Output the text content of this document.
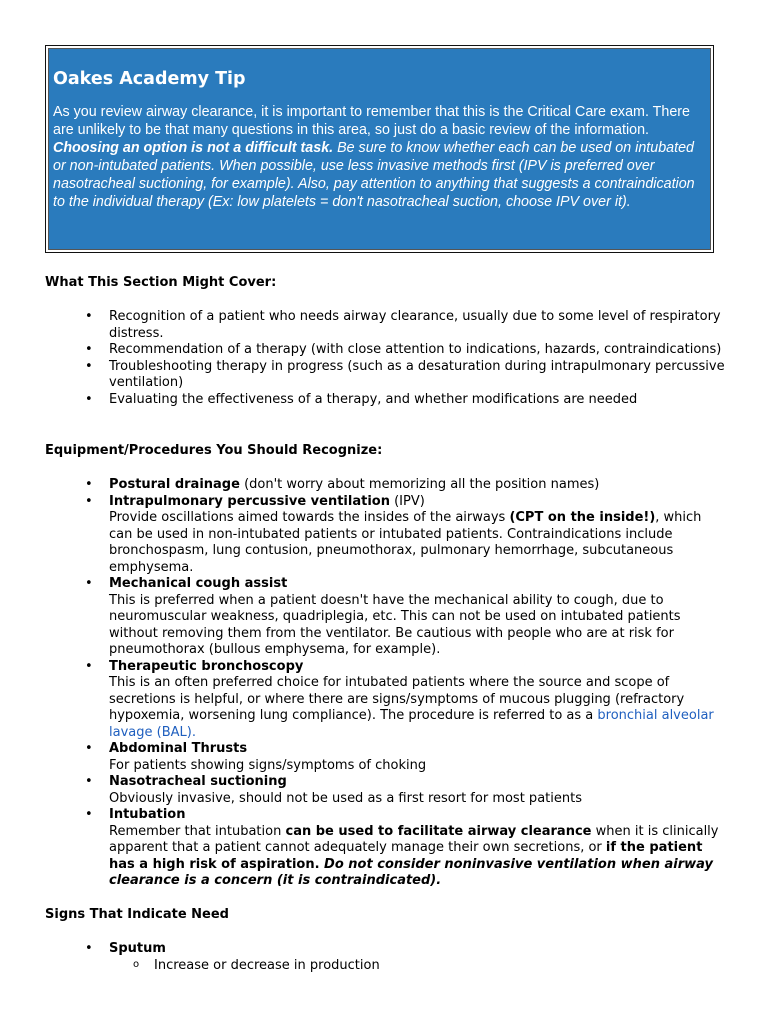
Oakes Academy Tip

As you review airway clearance, it is important to remember that this is the Critical Care exam. There are unlikely to be that many questions in this area, so just do a basic review of the information.

Choosing an option is not a difficult task. Be sure to know whether each can be used on intubated or non-intubated patients. When possible, use less invasive methods first (IPV is preferred over nasotracheal suctioning, for example). Also, pay attention to anything that suggests a contraindication to the individual therapy (Ex: low platelets = don't nasotracheal suction, choose IPV over it).

What This Section Might Cover:
• Recognition of a patient who needs airway clearance, usually due to some level of respiratory distress.
• Recommendation of a therapy (with close attention to indications, hazards, contraindications)
• Troubleshooting therapy in progress (such as a desaturation during intrapulmonary percussive ventilation)
• Evaluating the effectiveness of a therapy, and whether modifications are needed
Equipment/Procedures You Should Recognize:
• Postural drainage (don't worry about memorizing all the position names)
• Intrapulmonary percussive ventilation (IPV)
Provide oscillations aimed towards the insides of the airways (CPT on the inside!), which can be used in non-intubated patients or intubated patients. Contraindications include bronchospasm, lung contusion, pneumothorax, pulmonary hemorrhage, subcutaneous emphysema.
• Mechanical cough assist
This is preferred when a patient doesn't have the mechanical ability to cough, due to neuromuscular weakness, quadriplegia, etc. This can not be used on intubated patients without removing them from the ventilator. Be cautious with people who are at risk for pneumothorax (bullous emphysema, for example).
• Therapeutic bronchoscopy
This is an often preferred choice for intubated patients where the source and scope of secretions is helpful, or where there are signs/symptoms of mucous plugging (refractory hypoxemia, worsening lung compliance). The procedure is referred to as a bronchial alveolar lavage (BAL).
• Abdominal Thrusts
For patients showing signs/symptoms of choking
• Nasotracheal suctioning
Obviously invasive, should not be used as a first resort for most patients
• Intubation
Remember that intubation can be used to facilitate airway clearance when it is clinically apparent that a patient cannot adequately manage their own secretions, or if the patient has a high risk of aspiration. Do not consider noninvasive ventilation when airway clearance is a concern (it is contraindicated).
Signs That Indicate Need
• Sputum
o Increase or decrease in production
